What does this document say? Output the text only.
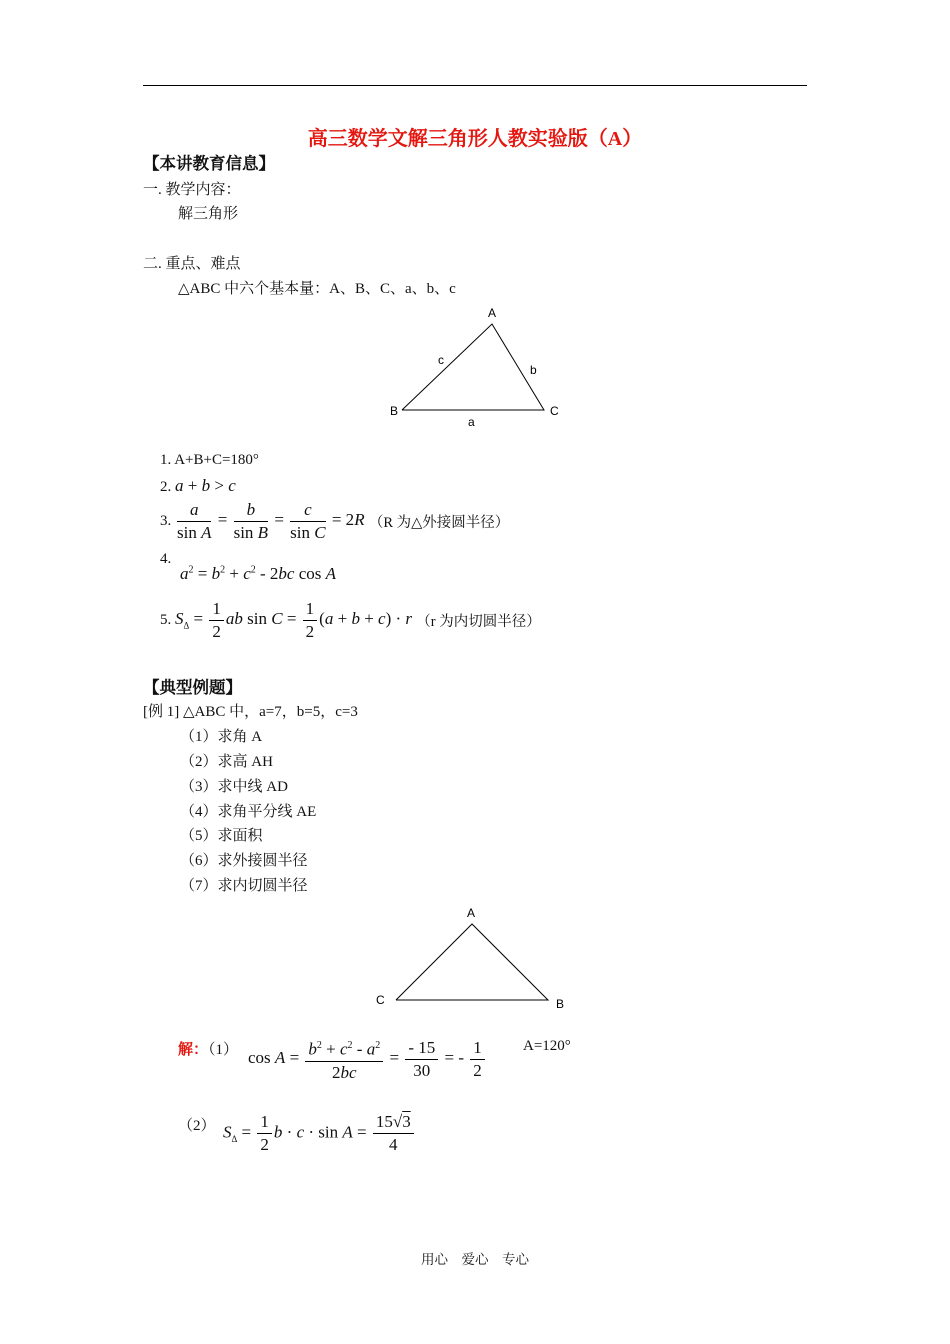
高三数学文解三角形人教实验版（A）
【本讲教育信息】
一. 教学内容：
解三角形
二. 重点、难点
△ABC 中六个基本量：A、B、C、a、b、c
A
B	C
a
b
c
1. A+B+C=180°
2. a + b > c
3. $\frac{a}{\text{sin A}} = \frac{b}{\text{sin B}} = \frac{c}{\text{sin C}} = 2R$ （R 为△外接圆半径）
4.
$a^2 = b^2 + c^2 - 2bc$ cos A
5. $S_\Delta = \frac{1}{2}$ ab $\sin C = \frac{1}{2} (a + b + c) \cdot r$ （r 为内切圆半径）
【典型例题】
[例 1] △ABC 中，a=7，b=5，c=3
（1）求角 A
（2）求高 AH
（3）求中线 AD
（4）求角平分线 AE
（5）求面积
（6）求外接圆半径
（7）求内切圆半径
A
C	B
解：（1） $\cos A = \frac{b^2 + c^2 - a^2}{2bc} = \frac{- 15}{30}$ = - $\frac{1}{2}$	A=120°
（2） $S_\Delta = \frac{1}{2}$ $b \cdot c \cdot \sin A = \frac{15√3}{4}$
用心　爱心　专心
